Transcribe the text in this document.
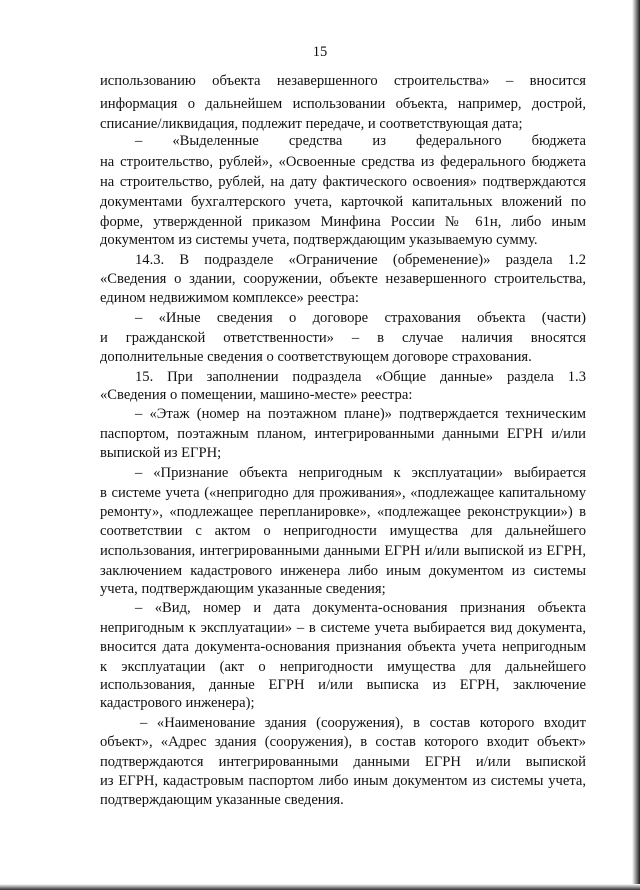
15
использованию объекта незавершенного строительства» – вносится
информация о дальнейшем использовании объекта, например, дострой,
списание/ликвидация, подлежит передаче, и соответствующая дата;
– «Выделенные средства из федерального бюджета
на строительство, рублей», «Освоенные средства из федерального бюджета
на строительство, рублей, на дату фактического освоения» подтверждаются
документами бухгалтерского учета, карточкой капитальных вложений по
форме, утвержденной приказом Минфина России № 61н, либо иным
документом из системы учета, подтверждающим указываемую сумму.
14.3. В подразделе «Ограничение (обременение)» раздела 1.2
«Сведения о здании, сооружении, объекте незавершенного строительства,
едином недвижимом комплексе» реестра:
– «Иные сведения о договоре страхования объекта (части)
и гражданской ответственности» – в случае наличия вносятся
дополнительные сведения о соответствующем договоре страхования.
15. При заполнении подраздела «Общие данные» раздела 1.3
«Сведения о помещении, машино-месте» реестра:
– «Этаж (номер на поэтажном плане)» подтверждается техническим
паспортом, поэтажным планом, интегрированными данными ЕГРН и/или
выпиской из ЕГРН;
– «Признание объекта непригодным к эксплуатации» выбирается
в системе учета («непригодно для проживания», «подлежащее капитальному
ремонту», «подлежащее перепланировке», «подлежащее реконструкции») в
соответствии с актом о непригодности имущества для дальнейшего
использования, интегрированными данными ЕГРН и/или выпиской из ЕГРН,
заключением кадастрового инженера либо иным документом из системы
учета, подтверждающим указанные сведения;
– «Вид, номер и дата документа-основания признания объекта
непригодным к эксплуатации» – в системе учета выбирается вид документа,
вносится дата документа-основания признания объекта учета непригодным
к эксплуатации (акт о непригодности имущества для дальнейшего
использования, данные ЕГРН и/или выписка из ЕГРН, заключение
кадастрового инженера);
– «Наименование здания (сооружения), в состав которого входит
объект», «Адрес здания (сооружения), в состав которого входит объект»
подтверждаются интегрированными данными ЕГРН и/или выпиской
из ЕГРН, кадастровым паспортом либо иным документом из системы учета,
подтверждающим указанные сведения.
